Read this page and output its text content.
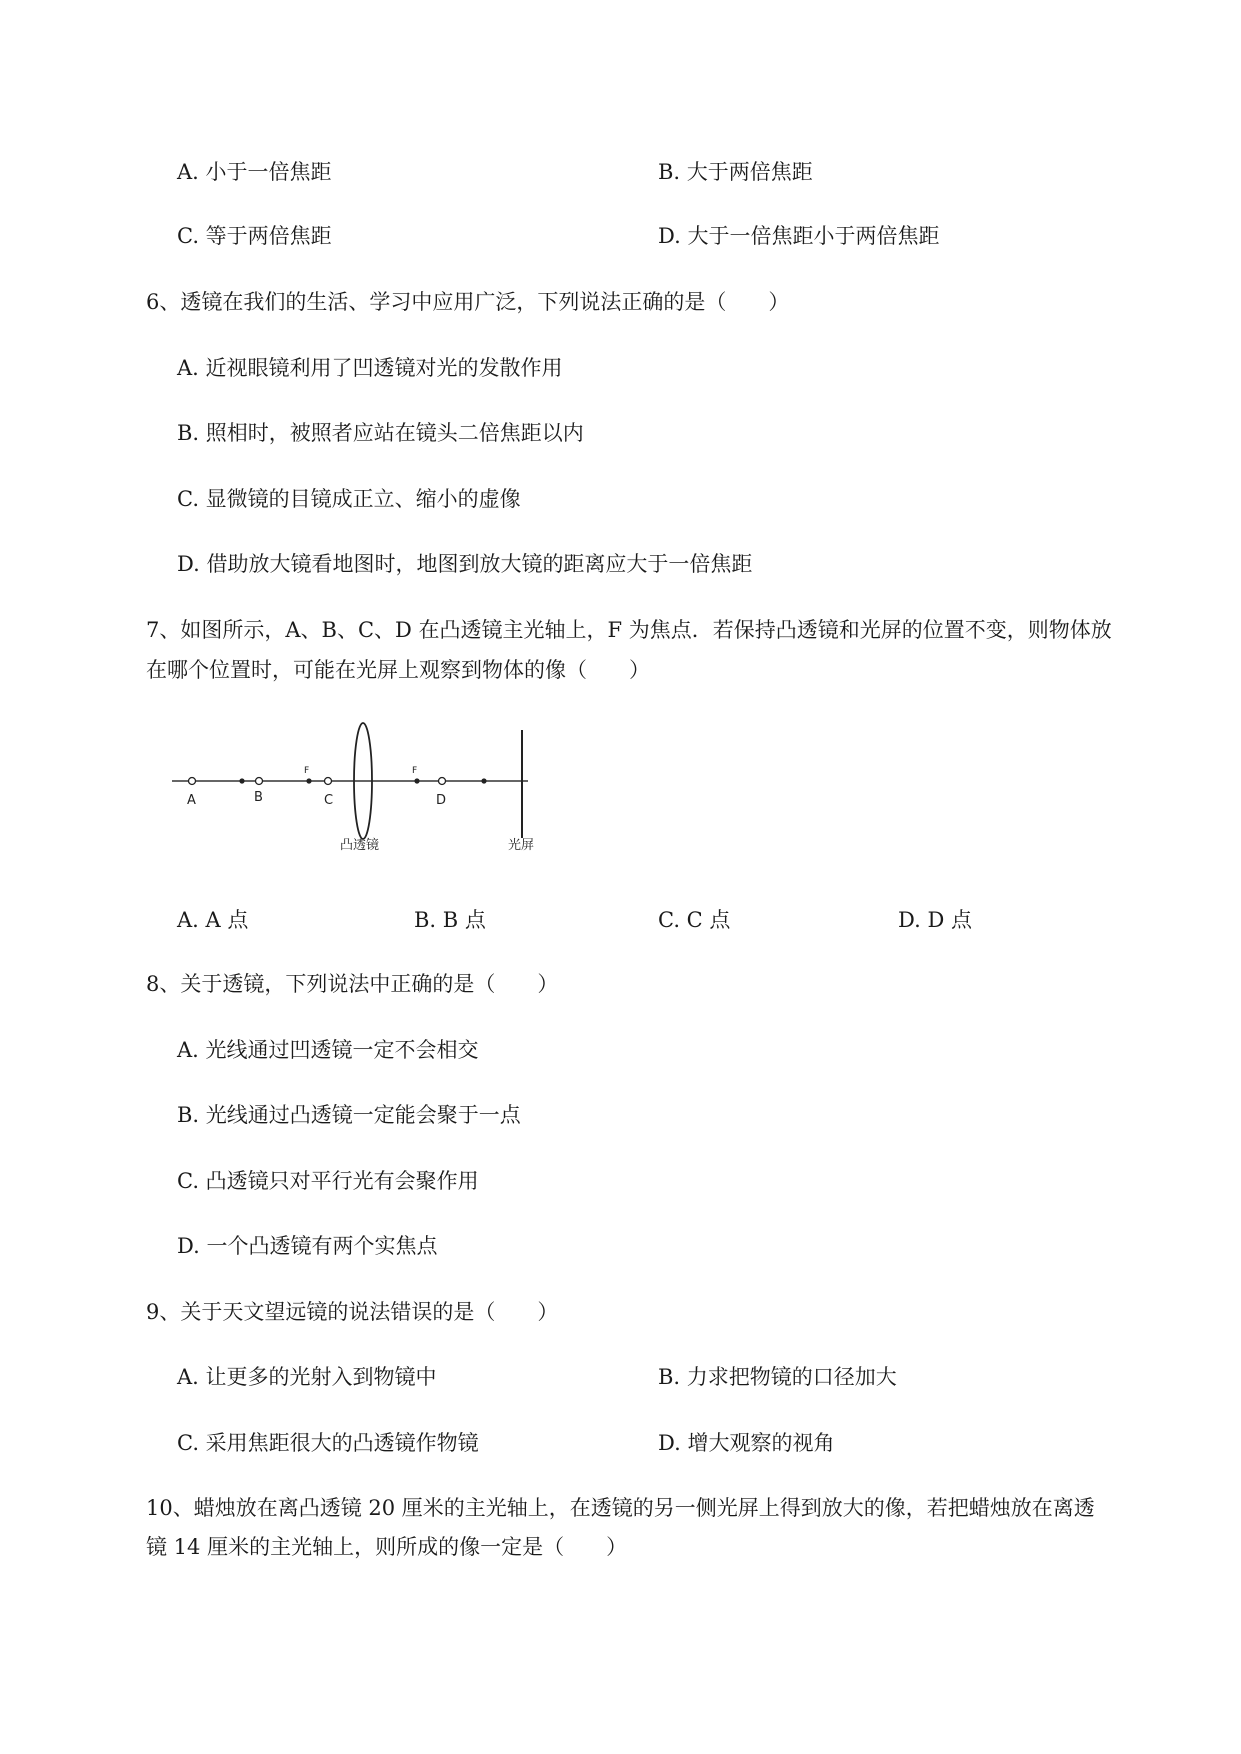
A. 小于一倍焦距	B. 大于两倍焦距
C. 等于两倍焦距	D. 大于一倍焦距小于两倍焦距
6、透镜在我们的生活、学习中应用广泛，下列说法正确的是（　　）
A. 近视眼镜利用了凹透镜对光的发散作用
B. 照相时，被照者应站在镜头二倍焦距以内
C. 显微镜的目镜成正立、缩小的虚像
D. 借助放大镜看地图时，地图到放大镜的距离应大于一倍焦距
7、如图所示，A、B、C、D 在凸透镜主光轴上，F 为焦点．若保持凸透镜和光屏的位置不变，则物体放
在哪个位置时，可能在光屏上观察到物体的像（　　）
A	B
F
C
F
D
凸透镜	光屏
A. A 点	B. B 点	C. C 点	D. D 点
8、关于透镜，下列说法中正确的是（　　）
A. 光线通过凹透镜一定不会相交
B. 光线通过凸透镜一定能会聚于一点
C. 凸透镜只对平行光有会聚作用
D. 一个凸透镜有两个实焦点
9、关于天文望远镜的说法错误的是（　　）
A. 让更多的光射入到物镜中	B. 力求把物镜的口径加大
C. 采用焦距很大的凸透镜作物镜	D. 增大观察的视角
10、蜡烛放在离凸透镜 20 厘米的主光轴上，在透镜的另一侧光屏上得到放大的像，若把蜡烛放在离透
镜 14 厘米的主光轴上，则所成的像一定是（　　）
